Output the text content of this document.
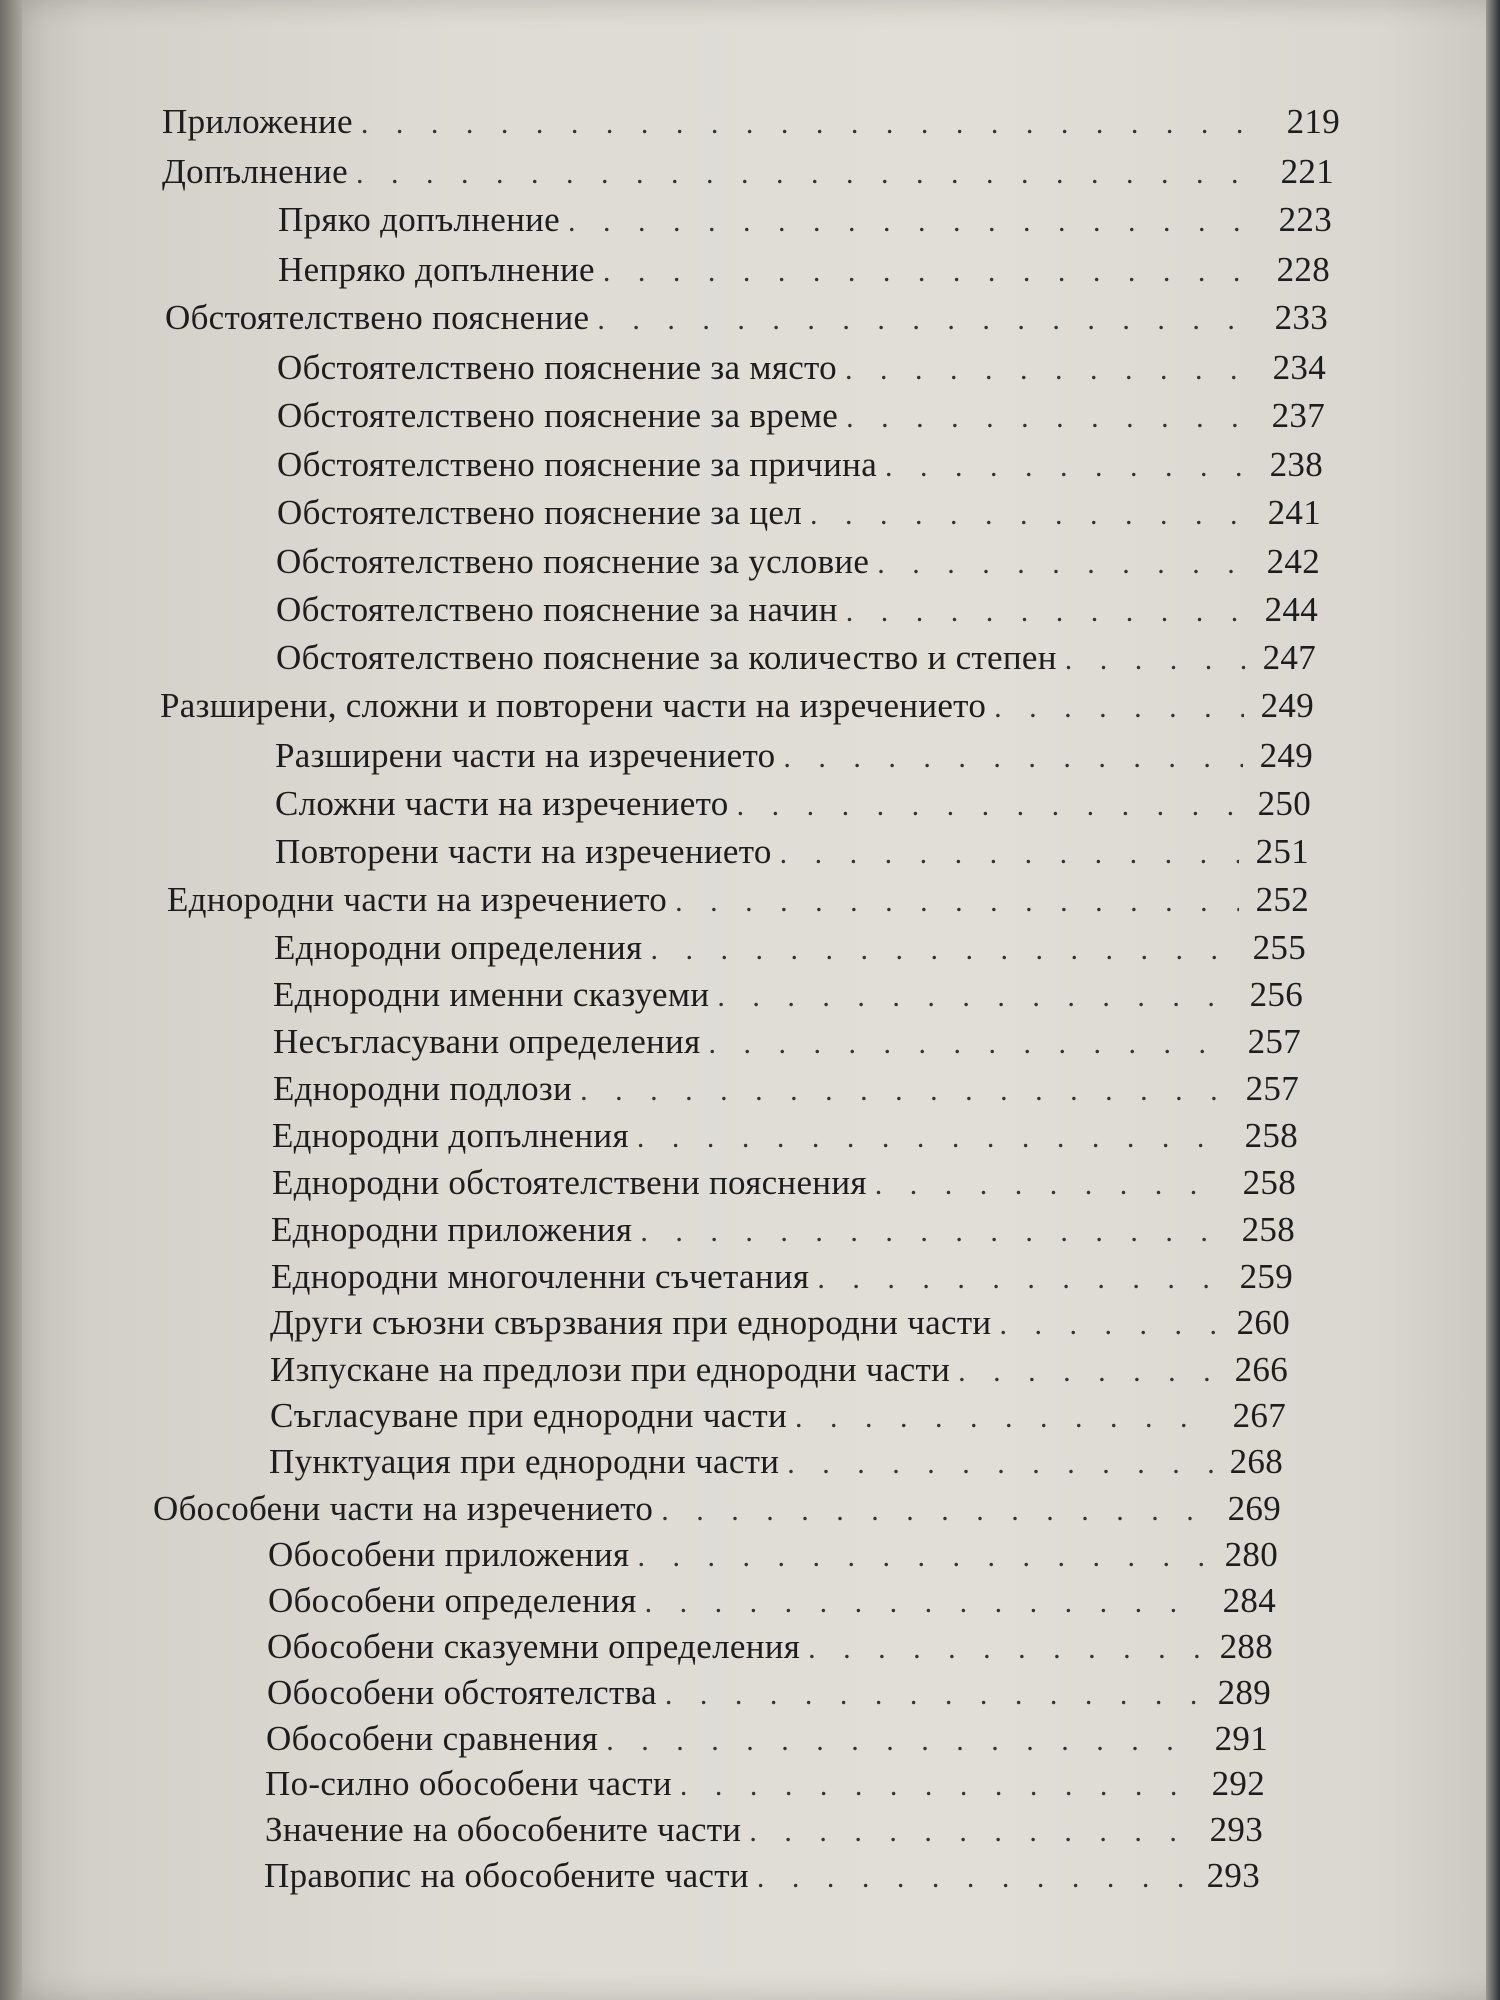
Приложение . . .	219
Допълнение . . .	221
Пряко допълнение . . .	223
Непряко допълнение . . .	228
Обстоятелствено пояснение . . .	233
Обстоятелствено пояснение за място . . .	234
Обстоятелствено пояснение за време . . .	237
Обстоятелствено пояснение за причина . . .	238
Обстоятелствено пояснение за цел . . .	241
Обстоятелствено пояснение за условие . . .	242
Обстоятелствено пояснение за начин . . .	244
Обстоятелствено пояснение за количество и степен . . .	247
Разширени, сложни и повторени части на изречението . . .	249
Разширени части на изречението . . .	249
Сложни части на изречението . . .	250
Повторени части на изречението . . .	251
Еднородни части на изречението . . .	252
Еднородни определения . . .	255
Еднородни именни сказуеми . . .	256
Несъгласувани определения . . .	257
Еднородни подлози . . .	257
Еднородни допълнения . . .	258
Еднородни обстоятелствени пояснения . . .	258
Еднородни приложения . . .	258
Еднородни многочленни съчетания . . .	259
Други съюзни свързвания при еднородни части . . .	260
Изпускане на предлози при еднородни части . . .	266
Съгласуване при еднородни части . . .	267
Пунктуация при еднородни части . . .	268
Обособени части на изречението . . .	269
Обособени приложения . . .	280
Обособени определения . . .	284
Обособени сказуемни определения . . .	288
Обособени обстоятелства . . .	289
Обособени сравнения . . .	291
По-силно обособени части . . .	292
Значение на обособените части . . .	293
Правопис на обособените части . . .	293
